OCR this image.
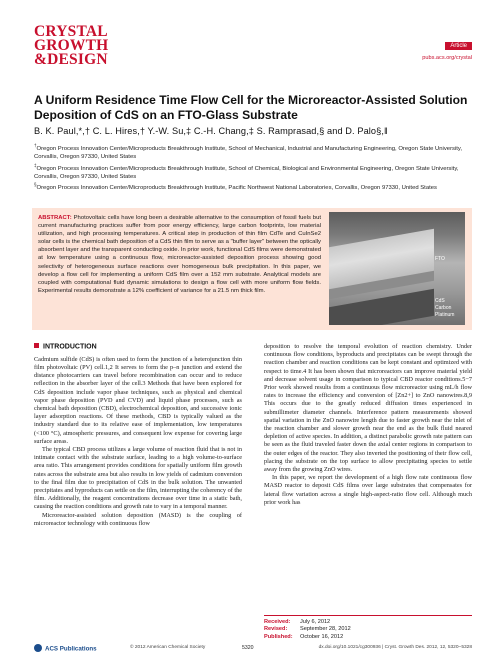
CRYSTAL
GROWTH
&DESIGN
Article
pubs.acs.org/crystal
A Uniform Residence Time Flow Cell for the Microreactor-Assisted Solution Deposition of CdS on an FTO-Glass Substrate
B. K. Paul,*,† C. L. Hires,† Y.-W. Su,‡ C.-H. Chang,‡ S. Ramprasad,§ and D. Palo§,‖
†Oregon Process Innovation Center/Microproducts Breakthrough Institute, School of Mechanical, Industrial and Manufacturing Engineering, Oregon State University, Corvallis, Oregon 97330, United States
‡Oregon Process Innovation Center/Microproducts Breakthrough Institute, School of Chemical, Biological and Environmental Engineering, Oregon State University, Corvallis, Oregon 97330, United States
§Oregon Process Innovation Center/Microproducts Breakthrough Institute, Pacific Northwest National Laboratories, Corvallis, Oregon 97330, United States
ABSTRACT: Photovoltaic cells have long been a desirable alternative to the consumption of fossil fuels but current manufacturing practices suffer from poor energy efficiency, large carbon footprints, low material utilization, and high processing temperatures. A critical step in production of thin film CdTe and CuInSe2 solar cells is the chemical bath deposition of a CdS thin film to serve as a "buffer layer" between the optically absorbent layer and the transparent conducting oxide. In prior work, functional CdS films were demonstrated at low temperature using a continuous flow, microreactor-assisted deposition process showing good selectivity of heterogeneous surface reactions over homogeneous bulk precipitation. In this paper, we develop a flow cell for implementing a uniform CdS film over a 152 mm substrate. Analytical models are coupled with computational fluid dynamic simulations to design a flow cell with more uniform flow fields. Experimental results demonstrate a 12% coefficient of variance for a 21.5 nm thick film.
FTO
CdS
Carbon
Platinum
INTRODUCTION

Cadmium sulfide (CdS) is often used to form the junction of a heterojunction thin film photovoltaic (PV) cell.1,2 It serves to form the p–n junction and extend the distance photocarriers can travel before recombination can occur and to reduce reflection in the absorber layer of the cell.3 Methods that have been explored for CdS deposition include vapor phase techniques, such as physical and chemical vapor phase deposition (PVD and CVD) and liquid phase processes, such as chemical bath deposition (CBD), electrochemical deposition, and successive ionic layer adsorption reactions. Of these methods, CBD is typically valued as the industry standard due to its relative ease of implementation, low temperatures (<100 °C), atmospheric pressures, and consequent low expense for covering large surface areas.

The typical CBD process utilizes a large volume of reaction fluid that is not in intimate contact with the substrate surface, leading to a high volume-to-surface area ratio. This arrangement provides conditions for spatially uniform film growth rates across the substrate area but also results in low yields of cadmium conversion to the final film due to precipitation of CdS in the bulk solution. The unwanted precipitates and byproducts can settle on the film, interrupting the coherency of the film. Additionally, the reagent concentrations decrease over time in a static bath, causing the reaction conditions and growth rate to vary in a temporal manner.

Microreactor-assisted solution deposition (MASD) is the coupling of microreactor technology with continuous flow

deposition to resolve the temporal evolution of reaction chemistry. Under continuous flow conditions, byproducts and precipitates can be swept through the reaction chamber and reaction conditions can be kept constant and optimized with respect to time.4 It has been shown that microreactors can improve material yield and decrease solvent usage in comparison to typical CBD reactor conditions.5−7 Prior work showed results from a continuous flow microreactor using mL/h flow rates to increase the efficiency and conversion of [Zn2+] to ZnO nanowires.8,9 This occurs due to the greatly reduced diffusion times experienced in submillimeter diameter channels. Interference pattern measurements showed spatial variation in the ZnO nanowire length due to faster growth near the inlet of the reaction chamber and slower growth near the end as the bulk fluid neared depletion of active species. In addition, a distinct parabolic growth rate pattern can be seen as the fluid traveled faster down the axial center regions in comparison to the outer edges of the reactor. They also inverted the positioning of their flow cell, placing the substrate on the top surface to allow precipitating species to settle away from the growing ZnO wires.

In this paper, we report the development of a high flow rate continuous flow MASD reactor to deposit CdS films over large substrates that compensates for lateral flow variation across a single high-aspect-ratio flow cell. Although much prior work has

Received: July 6, 2012
Revised: September 28, 2012
Published: October 16, 2012
ACS Publications	© 2012 American Chemical Society	5320	dx.doi.org/10.1021/cg300936 | Cryst. Growth Des. 2012, 12, 5320−5328
